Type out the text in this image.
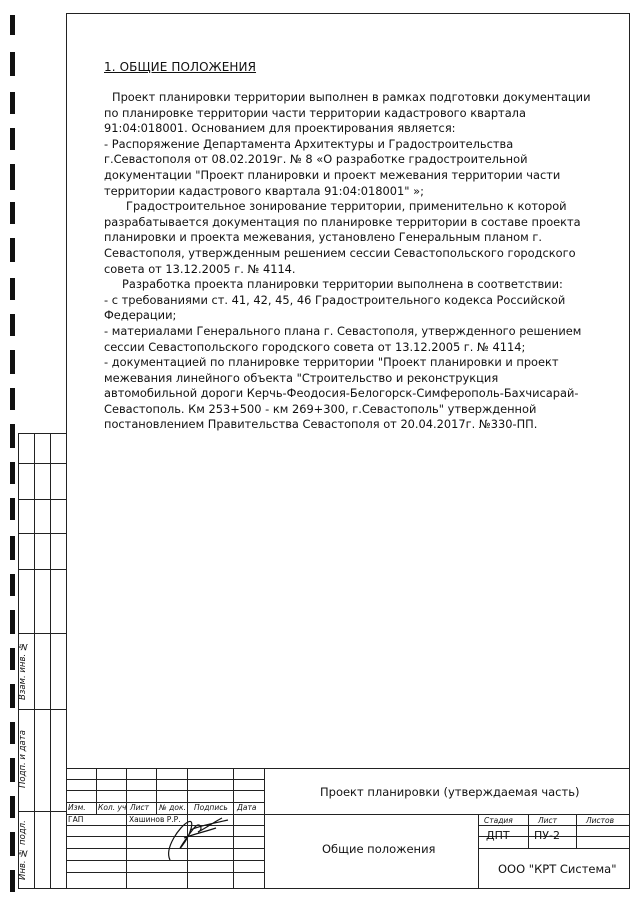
1. ОБЩИЕ ПОЛОЖЕНИЯ

Проект планировки территории выполнен в рамках подготовки документации по планировке территории части территории кадастрового квартала 91:04:018001. Основанием для проектирования является:

- Распоряжение Департамента Архитектуры и Градостроительства г.Севастополя от 08.02.2019г. № 8 «О разработке градостроительной документации "Проект планировки и проект межевания территории части территории кадастрового квартала 91:04:018001" »;

Градостроительное зонирование территории, применительно к которой разрабатывается документация по планировке территории в составе проекта планировки и проекта межевания, установлено Генеральным планом г. Севастополя, утвержденным решением сессии Севастопольского городского совета от 13.12.2005 г. № 4114.

Разработка проекта планировки территории выполнена в соответствии:

- с требованиями ст. 41, 42, 45, 46 Градостроительного кодекса Российской Федерации;

- материалами Генерального плана г. Севастополя, утвержденного решением сессии Севастопольского городского совета от 13.12.2005 г. № 4114;

- документацией по планировке территории "Проект планировки и проект межевания линейного объекта "Строительство и реконструкция автомобильной дороги Керчь-Феодосия-Белогорск-Симферополь-Бахчисарай-Севастополь. Км 253+500 - км 269+300, г.Севастополь" утвержденной постановлением Правительства Севастополя от 20.04.2017г. №330-ПП.

Взам. инв. №
Подп. и дата
Инв. № подл.
Изм. Кол. уч Лист № док. Подпись Дата
ГАП	Хашинов Р.Р.
Проект планировки (утверждаемая часть)
Общие положения
Стадия	Лист	Листов
ДПТ ПУ-2
ООО "КРТ Система"
